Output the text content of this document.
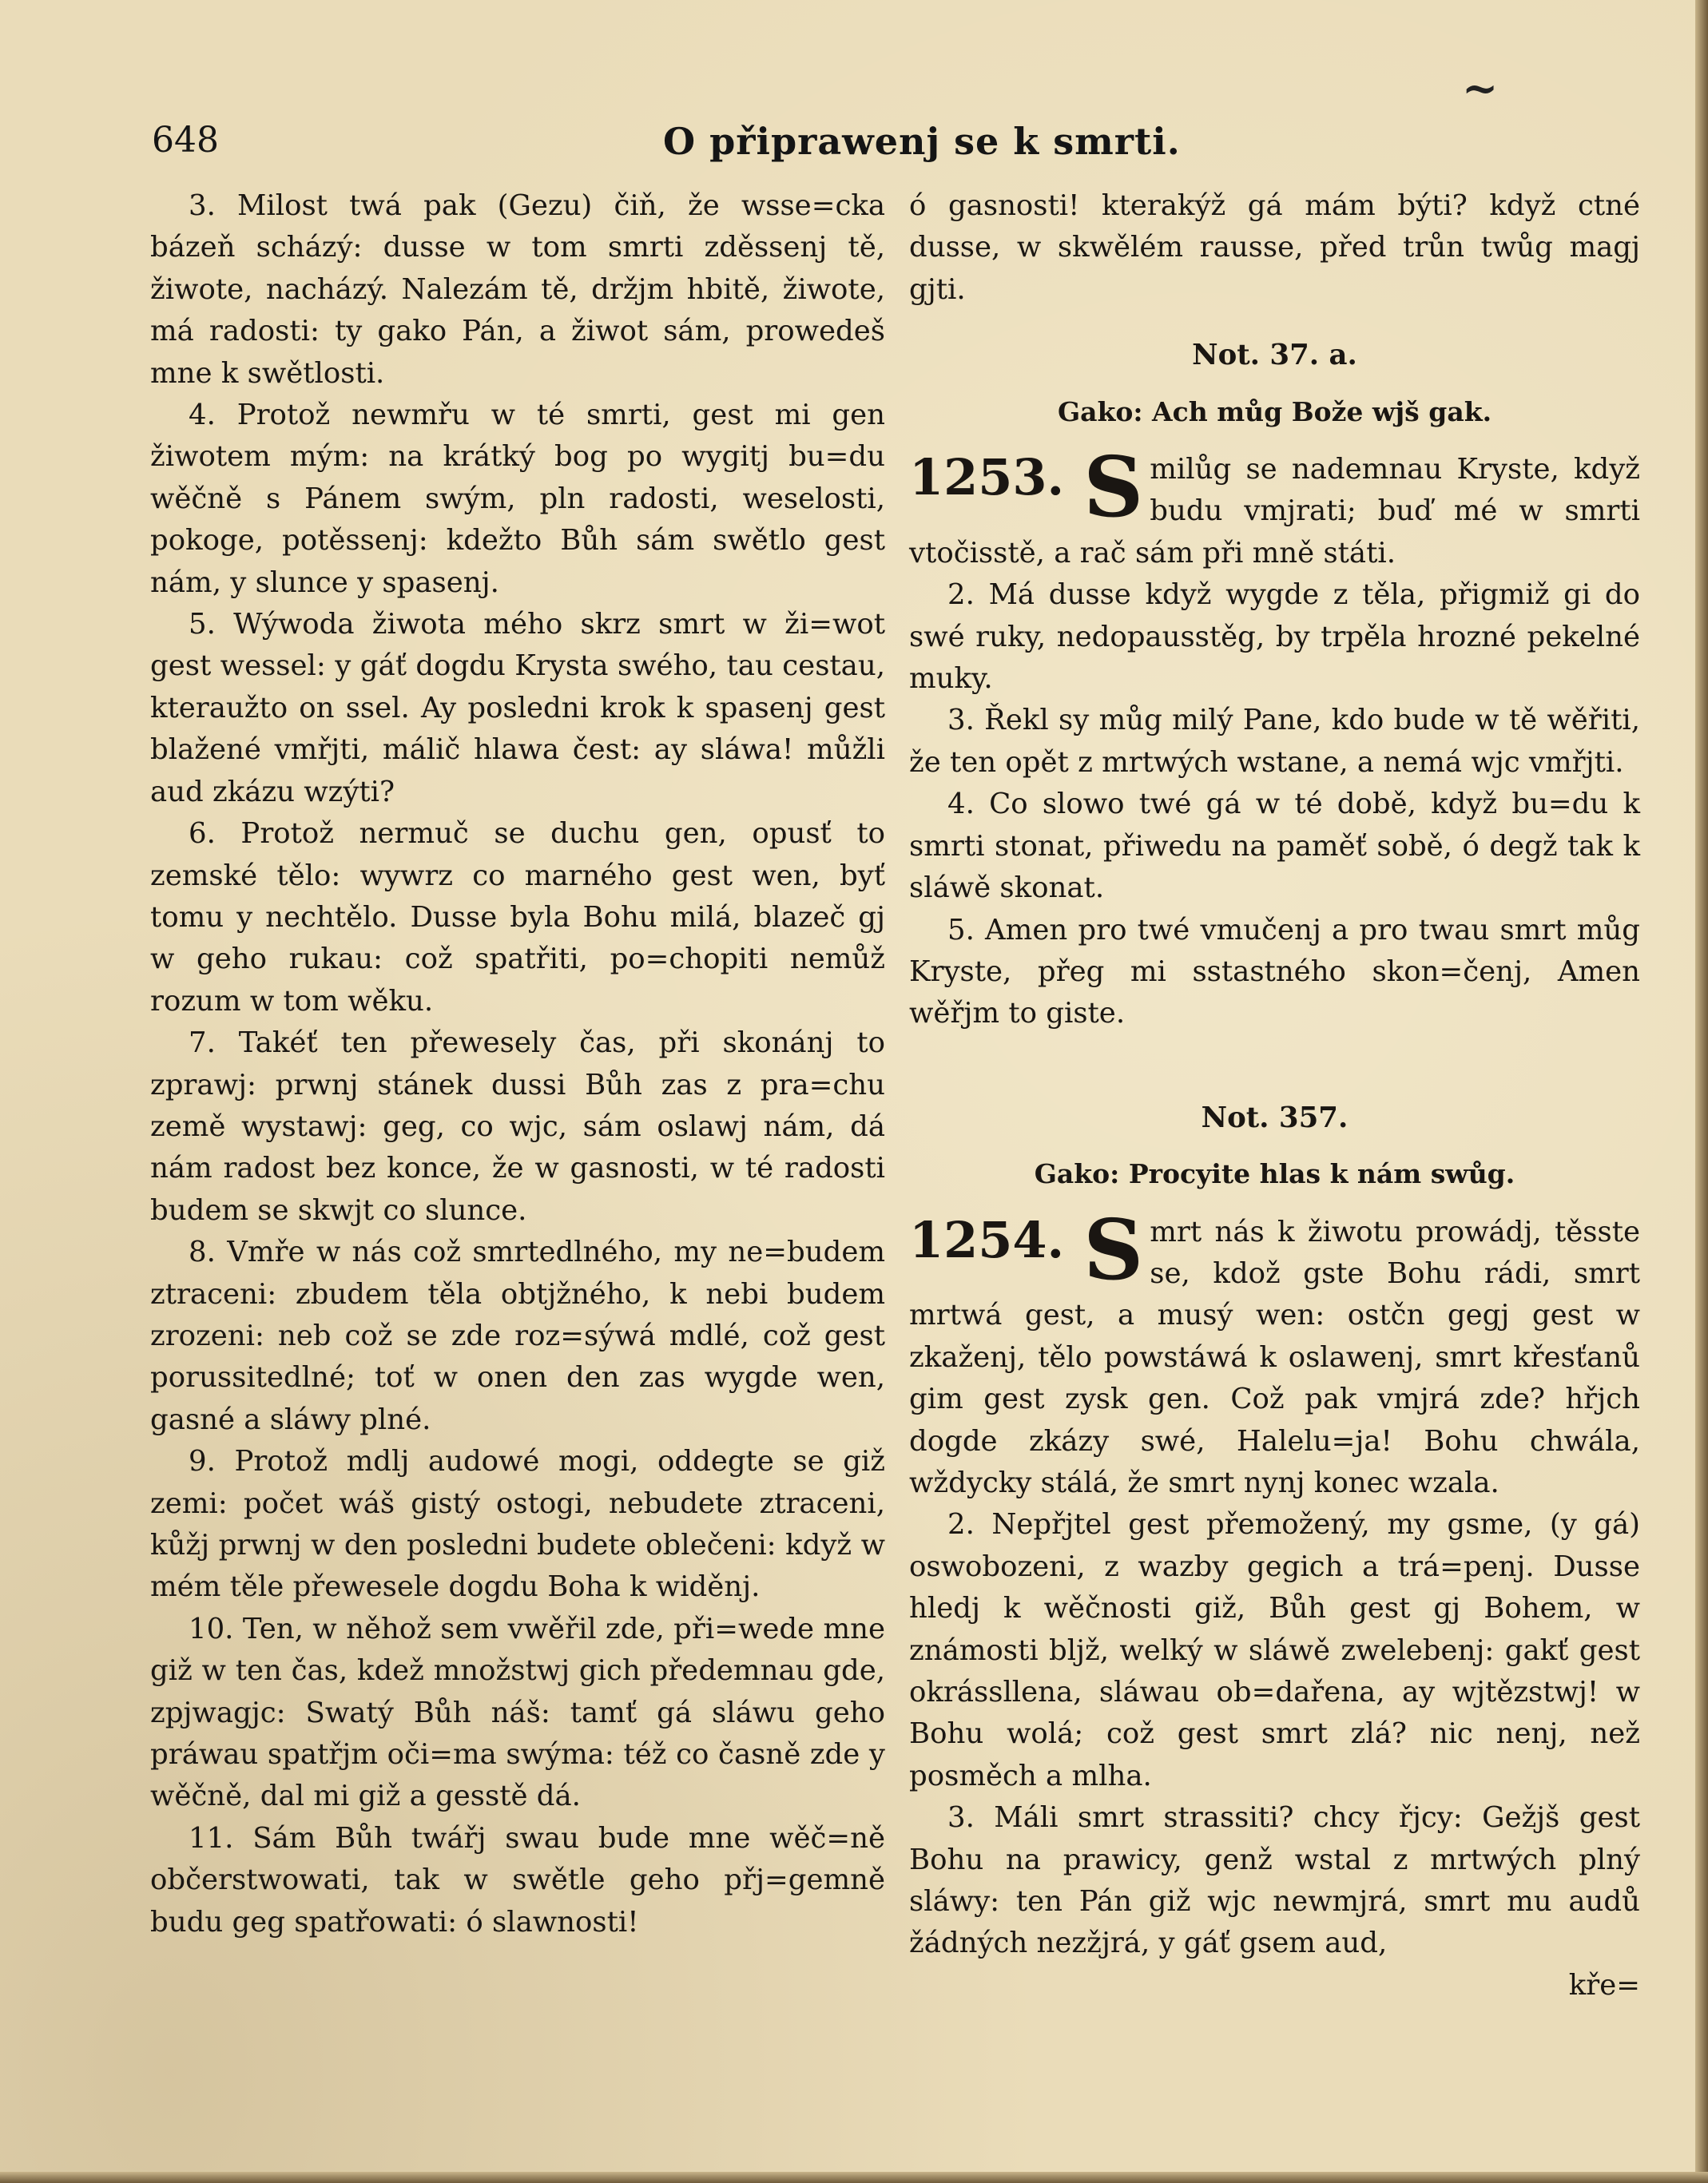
~
648	O připrawenj se k smrti.

3. Milost twá pak (Gezu) čiň, že wsse=cka bázeň scházý: dusse w tom smrti zděssenj tě, žiwote, nacházý. Nalezám tě, držjm hbitě, žiwote, má radosti: ty gako Pán, a žiwot sám, prowedeš mne k swětlosti.

4. Protož newmřu w té smrti, gest mi gen žiwotem mým: na krátký bog po wygitj bu=du wěčně s Pánem swým, pln radosti, weselosti, pokoge, potěssenj: kdežto Bůh sám swětlo gest nám, y slunce y spasenj.

5. Wýwoda žiwota mého skrz smrt w ži=wot gest wessel: y gáť dogdu Krysta swého, tau cestau, kteraužto on ssel. Ay posledni krok k spasenj gest blažené vmřjti, málič hlawa čest: ay sláwa! můžli aud zkázu wzýti?

6. Protož nermuč se duchu gen, opusť to zemské tělo: wywrz co marného gest wen, byť tomu y nechtělo. Dusse byla Bohu milá, blazeč gj w geho rukau: což spatřiti, po=chopiti nemůž rozum w tom wěku.

7. Takéť ten přewesely čas, při skonánj to zprawj: prwnj stánek dussi Bůh zas z pra=chu země wystawj: geg, co wjc, sám oslawj nám, dá nám radost bez konce, že w gasnosti, w té radosti budem se skwjt co slunce.

8. Vmře w nás což smrtedlného, my ne=budem ztraceni: zbudem těla obtjžného, k nebi budem zrozeni: neb což se zde roz=sýwá mdlé, což gest porussitedlné; toť w onen den zas wygde wen, gasné a sláwy plné.

9. Protož mdlj audowé mogi, oddegte se giž zemi: počet wáš gistý ostogi, nebudete ztraceni, kůžj prwnj w den posledni budete oblečeni: když w mém těle přewesele dogdu Boha k widěnj.

10. Ten, w něhož sem vwěřil zde, při=wede mne giž w ten čas, kdež množstwj gich předemnau gde, zpjwagjc: Swatý Bůh náš: tamť gá sláwu geho práwau spatřjm oči=ma swýma: též co časně zde y wěčně, dal mi giž a gesstě dá.

11. Sám Bůh twářj swau bude mne wěč=ně občerstwowati, tak w swětle geho přj=gemně budu geg spatřowati: ó slawnosti!

ó gasnosti! kterakýž gá mám býti? když ctné dusse, w skwělém rausse, před trůn twůg magj gjti.

Not. 37. a.

Gako: Ach můg Bože wjš gak.

1253. S milůg se nademnau Kryste, když budu vmjrati; buď mé w smrti vtočisstě, a rač sám při mně státi.

2. Má dusse když wygde z těla, přigmiž gi do swé ruky, nedopausstěg, by trpěla hrozné pekelné muky.

3. Řekl sy můg milý Pane, kdo bude w tě wěřiti, že ten opět z mrtwých wstane, a nemá wjc vmřjti.

4. Co slowo twé gá w té době, když bu=du k smrti stonat, přiwedu na paměť sobě, ó degž tak k sláwě skonat.

5. Amen pro twé vmučenj a pro twau smrt můg Kryste, přeg mi sstastného skon=čenj, Amen wěřjm to giste.

Not. 357.

Gako: Procyite hlas k nám swůg.

1254. S mrt nás k žiwotu prowádj, těsste se, kdož gste Bohu rádi, smrt mrtwá gest, a musý wen: ostčn gegj gest w zkaženj, tělo powstáwá k oslawenj, smrt křesťanů gim gest zysk gen. Což pak vmjrá zde? hřjch dogde zkázy swé, Halelu=ja! Bohu chwála, wždycky stálá, že smrt nynj konec wzala.

2. Nepřjtel gest přemožený, my gsme, (y gá) oswobozeni, z wazby gegich a trá=penj. Dusse hledj k wěčnosti giž, Bůh gest gj Bohem, w známosti bljž, welký w sláwě zwelebenj: gakť gest okrássllena, sláwau ob=dařena, ay wjtězstwj! w Bohu wolá; což gest smrt zlá? nic nenj, než posměch a mlha.

3. Máli smrt strassiti? chcy řjcy: Gežjš gest Bohu na prawicy, genž wstal z mrtwých plný sláwy: ten Pán giž wjc newmjrá, smrt mu audů žádných nezžjrá, y gáť gsem aud,

kře=
